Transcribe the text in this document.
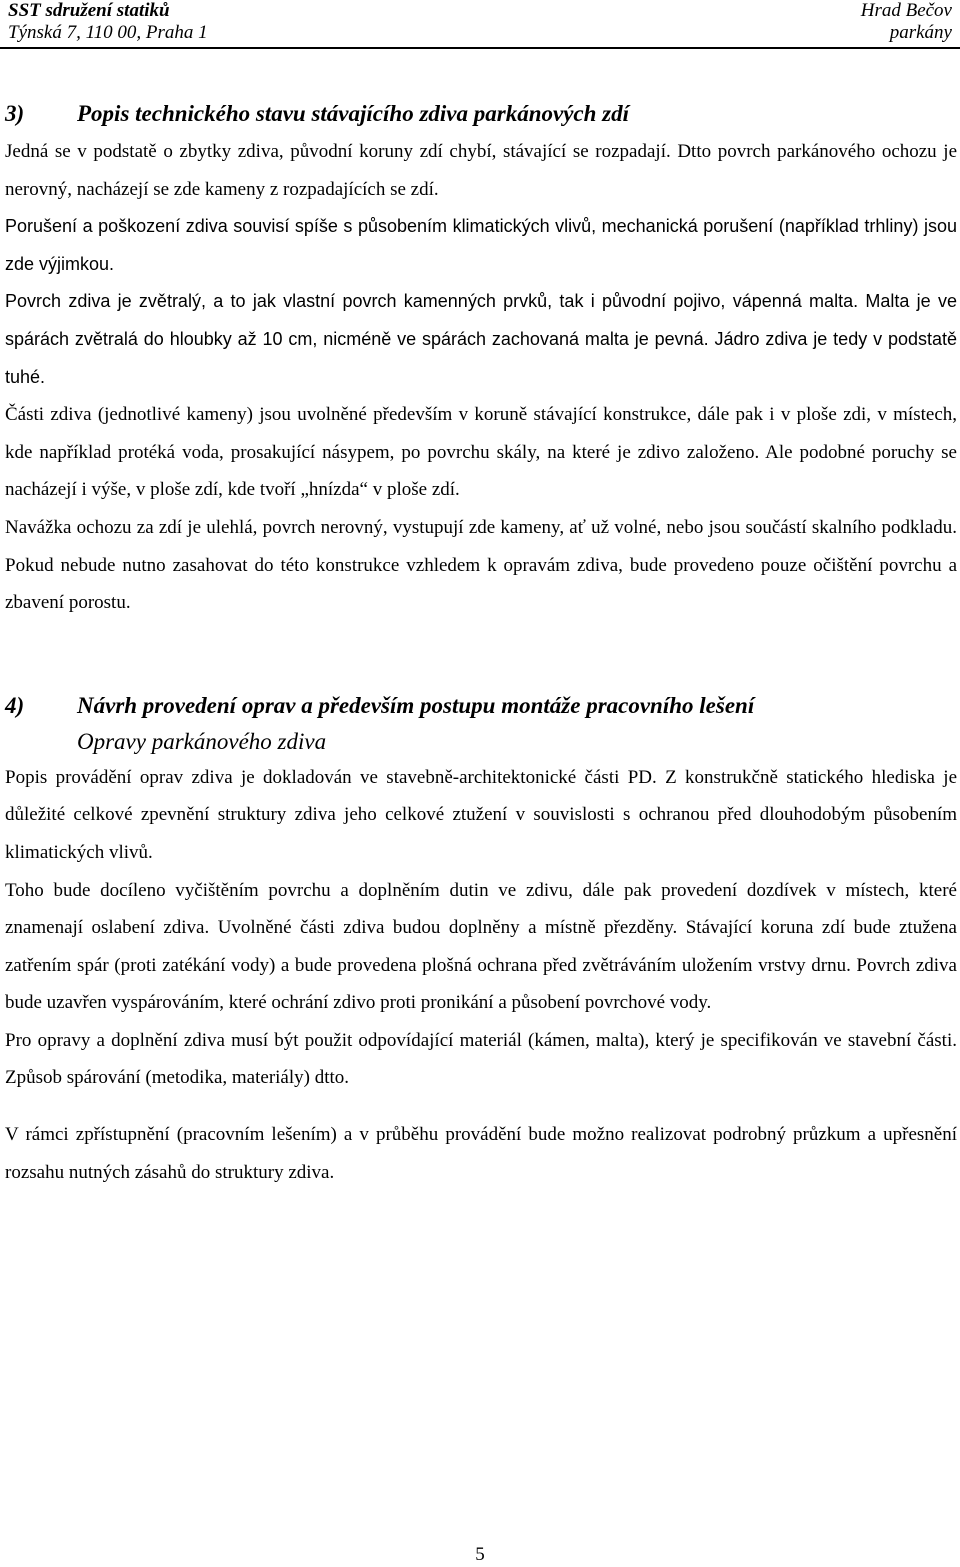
SST sdružení statiků
Týnská 7, 110 00, Praha 1
Hrad Bečov
parkány
3) Popis technického stavu stávajícího zdiva parkánových zdí

Jedná se v podstatě o zbytky zdiva, původní koruny zdí chybí, stávající se rozpadají. Dtto povrch parkánového ochozu je nerovný, nacházejí se zde kameny z rozpadajících se zdí.

Porušení a poškození zdiva souvisí spíše s působením klimatických vlivů, mechanická porušení (například trhliny) jsou zde výjimkou.

Povrch zdiva je zvětralý, a to jak vlastní povrch kamenných prvků, tak i původní pojivo, vápenná malta. Malta je ve spárách zvětralá do hloubky až 10 cm, nicméně ve spárách zachovaná malta je pevná. Jádro zdiva je tedy v podstatě tuhé.

Části zdiva (jednotlivé kameny) jsou uvolněné především v koruně stávající konstrukce, dále pak i v ploše zdi, v místech, kde například protéká voda, prosakující násypem, po povrchu skály, na které je zdivo založeno. Ale podobné poruchy se nacházejí i výše, v ploše zdí, kde tvoří „hnízda“ v ploše zdí.

Navážka ochozu za zdí je ulehlá, povrch nerovný, vystupují zde kameny, ať už volné, nebo jsou součástí skalního podkladu. Pokud nebude nutno zasahovat do této konstrukce vzhledem k opravám zdiva, bude provedeno pouze očištění povrchu a zbavení porostu.

4) Návrh provedení oprav a především postupu montáže pracovního lešení

Opravy parkánového zdiva

Popis provádění oprav zdiva je dokladován ve stavebně-architektonické části PD. Z konstrukčně statického hlediska je důležité celkové zpevnění struktury zdiva jeho celkové ztužení v souvislosti s ochranou před dlouhodobým působením klimatických vlivů.

Toho bude docíleno vyčištěním povrchu a doplněním dutin ve zdivu, dále pak provedení dozdívek v místech, které znamenají oslabení zdiva. Uvolněné části zdiva budou doplněny a místně přezděny. Stávající koruna zdí bude ztužena zatřením spár (proti zatékání vody) a bude provedena plošná ochrana před zvětráváním uložením vrstvy drnu. Povrch zdiva bude uzavřen vyspárováním, které ochrání zdivo proti pronikání a působení povrchové vody.

Pro opravy a doplnění zdiva musí být použit odpovídající materiál (kámen, malta), který je specifikován ve stavební části. Způsob spárování (metodika, materiály) dtto.

V rámci zpřístupnění (pracovním lešením) a v průběhu provádění bude možno realizovat podrobný průzkum a upřesnění rozsahu nutných zásahů do struktury zdiva.

5
